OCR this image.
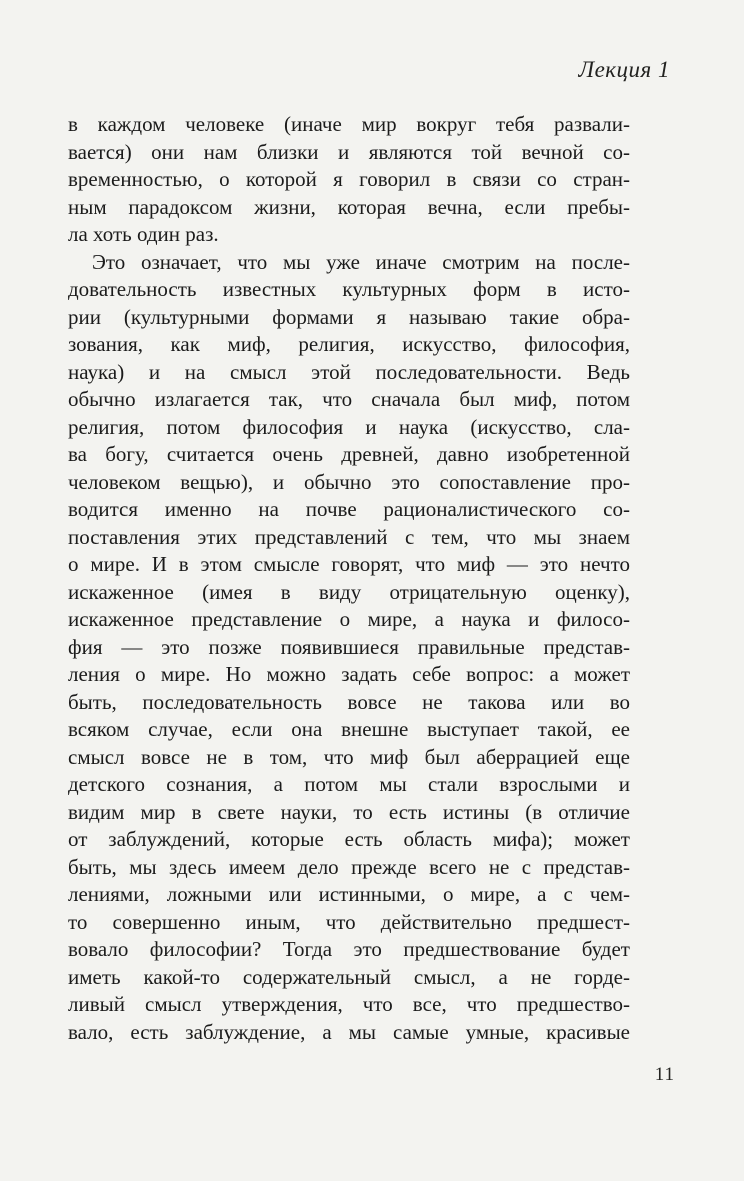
Лекция 1
в каждом человеке (иначе мир вокруг тебя развали-
вается) они нам близки и являются той вечной со-
временностью, о которой я говорил в связи со стран-
ным парадоксом жизни, которая вечна, если пребы-
ла хоть один раз.
Это означает, что мы уже иначе смотрим на после-
довательность известных культурных форм в исто-
рии (культурными формами я называю такие обра-
зования, как миф, религия, искусство, философия,
наука) и на смысл этой последовательности. Ведь
обычно излагается так, что сначала был миф, потом
религия, потом философия и наука (искусство, сла-
ва богу, считается очень древней, давно изобретенной
человеком вещью), и обычно это сопоставление про-
водится именно на почве рационалистического со-
поставления этих представлений с тем, что мы знаем
о мире. И в этом смысле говорят, что миф — это нечто
искаженное (имея в виду отрицательную оценку),
искаженное представление о мире, а наука и филосо-
фия — это позже появившиеся правильные представ-
ления о мире. Но можно задать себе вопрос: а может
быть, последовательность вовсе не такова или во
всяком случае, если она внешне выступает такой, ее
смысл вовсе не в том, что миф был аберрацией еще
детского сознания, а потом мы стали взрослыми и
видим мир в свете науки, то есть истины (в отличие
от заблуждений, которые есть область мифа); может
быть, мы здесь имеем дело прежде всего не с представ-
лениями, ложными или истинными, о мире, а с чем-
то совершенно иным, что действительно предшест-
вовало философии? Тогда это предшествование будет
иметь какой-то содержательный смысл, а не горде-
ливый смысл утверждения, что все, что предшество-
вало, есть заблуждение, а мы самые умные, красивые
11
